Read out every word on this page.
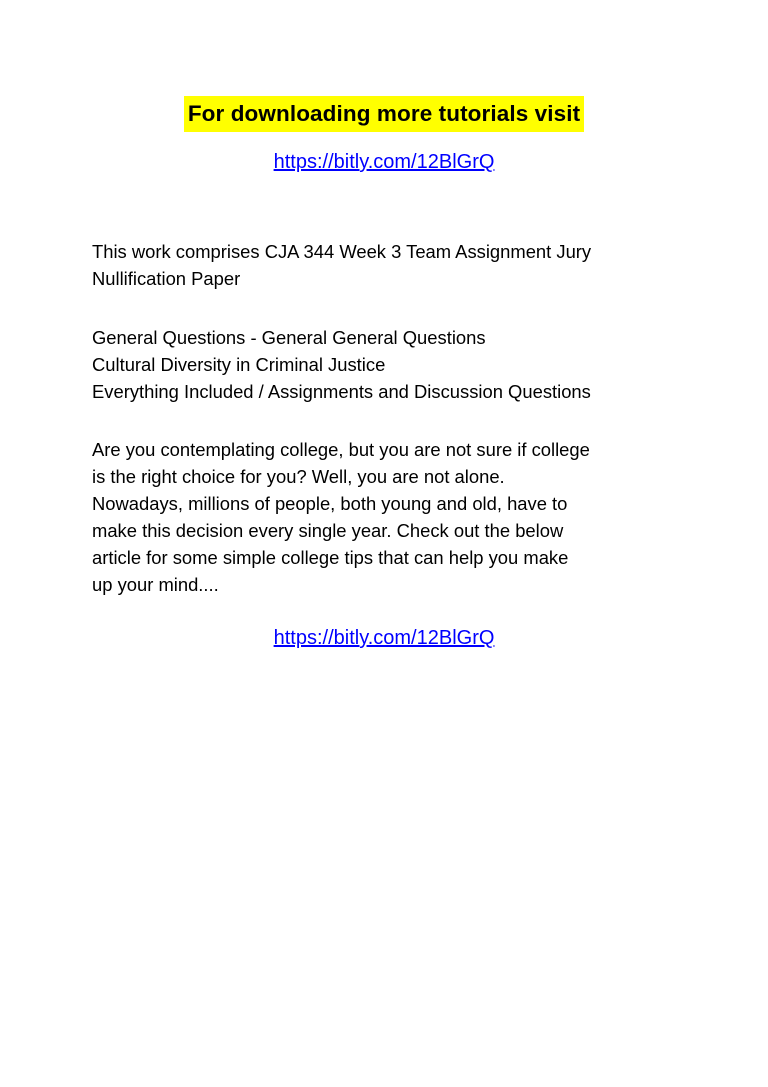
For downloading more tutorials visit
https://bitly.com/12BlGrQ
This work comprises CJA 344 Week 3 Team Assignment Jury
Nullification Paper
General Questions - General General Questions
Cultural Diversity in Criminal Justice
Everything Included / Assignments and Discussion Questions
Are you contemplating college, but you are not sure if college
is the right choice for you? Well, you are not alone.
Nowadays, millions of people, both young and old, have to
make this decision every single year. Check out the below
article for some simple college tips that can help you make
up your mind....
https://bitly.com/12BlGrQ
